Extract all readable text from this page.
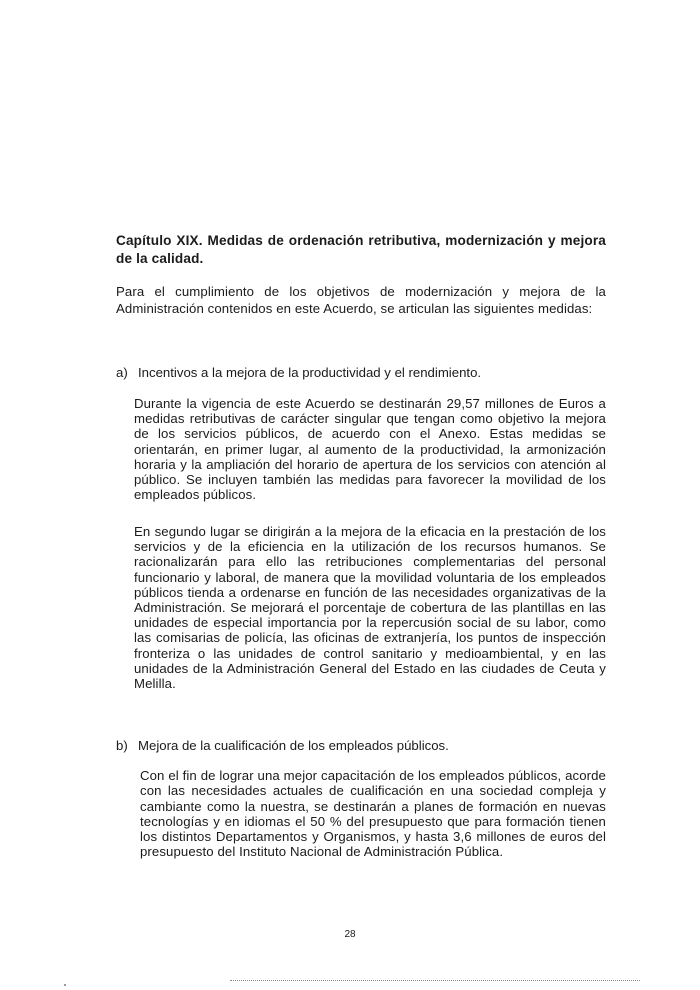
Capítulo XIX. Medidas de ordenación retributiva, modernización y mejora de la calidad.

Para el cumplimiento de los objetivos de modernización y mejora de la Administración contenidos en este Acuerdo, se articulan las siguientes medidas:

a) Incentivos a la mejora de la productividad y el rendimiento.

Durante la vigencia de este Acuerdo se destinarán 29,57 millones de Euros a medidas retributivas de carácter singular que tengan como objetivo la mejora de los servicios públicos, de acuerdo con el Anexo. Estas medidas se orientarán, en primer lugar, al aumento de la productividad, la armonización horaria y la ampliación del horario de apertura de los servicios con atención al público. Se incluyen también las medidas para favorecer la movilidad de los empleados públicos.

En segundo lugar se dirigirán a la mejora de la eficacia en la prestación de los servicios y de la eficiencia en la utilización de los recursos humanos. Se racionalizarán para ello las retribuciones complementarias del personal funcionario y laboral, de manera que la movilidad voluntaria de los empleados públicos tienda a ordenarse en función de las necesidades organizativas de la Administración. Se mejorará el porcentaje de cobertura de las plantillas en las unidades de especial importancia por la repercusión social de su labor, como las comisarias de policía, las oficinas de extranjería, los puntos de inspección fronteriza o las unidades de control sanitario y medioambiental, y en las unidades de la Administración General del Estado en las ciudades de Ceuta y Melilla.

b) Mejora de la cualificación de los empleados públicos.

Con el fin de lograr una mejor capacitación de los empleados públicos, acorde con las necesidades actuales de cualificación en una sociedad compleja y cambiante como la nuestra, se destinarán a planes de formación en nuevas tecnologías y en idiomas el 50 % del presupuesto que para formación tienen los distintos Departamentos y Organismos, y hasta 3,6 millones de euros del presupuesto del Instituto Nacional de Administración Pública.

28
